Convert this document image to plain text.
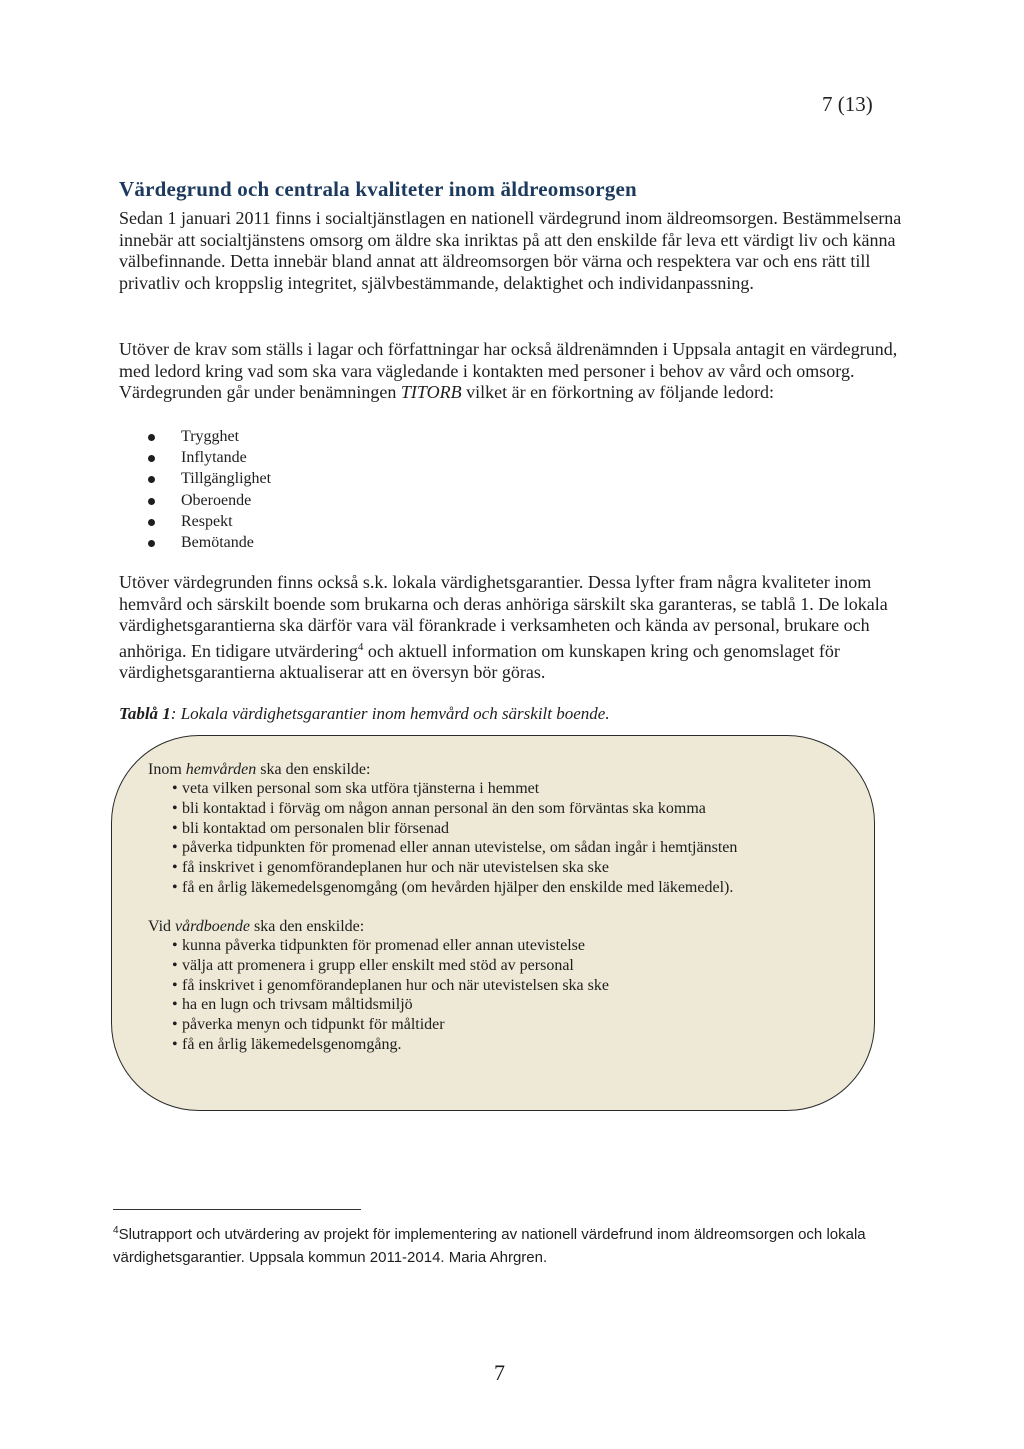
7 (13)
Värdegrund och centrala kvaliteter inom äldreomsorgen
Sedan 1 januari 2011 finns i socialtjänstlagen en nationell värdegrund inom äldreomsorgen. Bestämmelserna innebär att socialtjänstens omsorg om äldre ska inriktas på att den enskilde får leva ett värdigt liv och känna välbefinnande. Detta innebär bland annat att äldreomsorgen bör värna och respektera var och ens rätt till privatliv och kroppslig integritet, självbestämmande, delaktighet och individanpassning.
Utöver de krav som ställs i lagar och författningar har också äldrenämnden i Uppsala antagit en värdegrund, med ledord kring vad som ska vara vägledande i kontakten med personer i behov av vård och omsorg. Värdegrunden går under benämningen TITORB vilket är en förkortning av följande ledord:
Trygghet
Inflytande
Tillgänglighet
Oberoende
Respekt
Bemötande
Utöver värdegrunden finns också s.k. lokala värdighetsgarantier. Dessa lyfter fram några kvaliteter inom hemvård och särskilt boende som brukarna och deras anhöriga särskilt ska garanteras, se tablå 1. De lokala värdighetsgarantierna ska därför vara väl förankrade i verksamheten och kända av personal, brukare och anhöriga. En tidigare utvärdering$^4$ och aktuell information om kunskapen kring och genomslaget för värdighetsgarantierna aktualiserar att en översyn bör göras.
Tablå 1: Lokala värdighetsgarantier inom hemvård och särskilt boende.
Inom hemvården ska den enskilde:
• veta vilken personal som ska utföra tjänsterna i hemmet
• bli kontaktad i förväg om någon annan personal än den som förväntas ska komma
• bli kontaktad om personalen blir försenad
• påverka tidpunkten för promenad eller annan utevistelse, om sådan ingår i hemtjänsten
• få inskrivet i genomförandeplanen hur och när utevistelsen ska ske
• få en årlig läkemedelsgenomgång (om hevården hjälper den enskilde med läkemedel).
Vid vårdboende ska den enskilde:
• kunna påverka tidpunkten för promenad eller annan utevistelse
• välja att promenera i grupp eller enskilt med stöd av personal
• få inskrivet i genomförandeplanen hur och när utevistelsen ska ske
• ha en lugn och trivsam måltidsmiljö
• påverka menyn och tidpunkt för måltider
• få en årlig läkemedelsgenomgång.
$^4$Slutrapport och utvärdering av projekt för implementering av nationell värdefrund inom äldreomsorgen och lokala värdighetsgarantier. Uppsala kommun 2011-2014. Maria Ahrgren.
7
